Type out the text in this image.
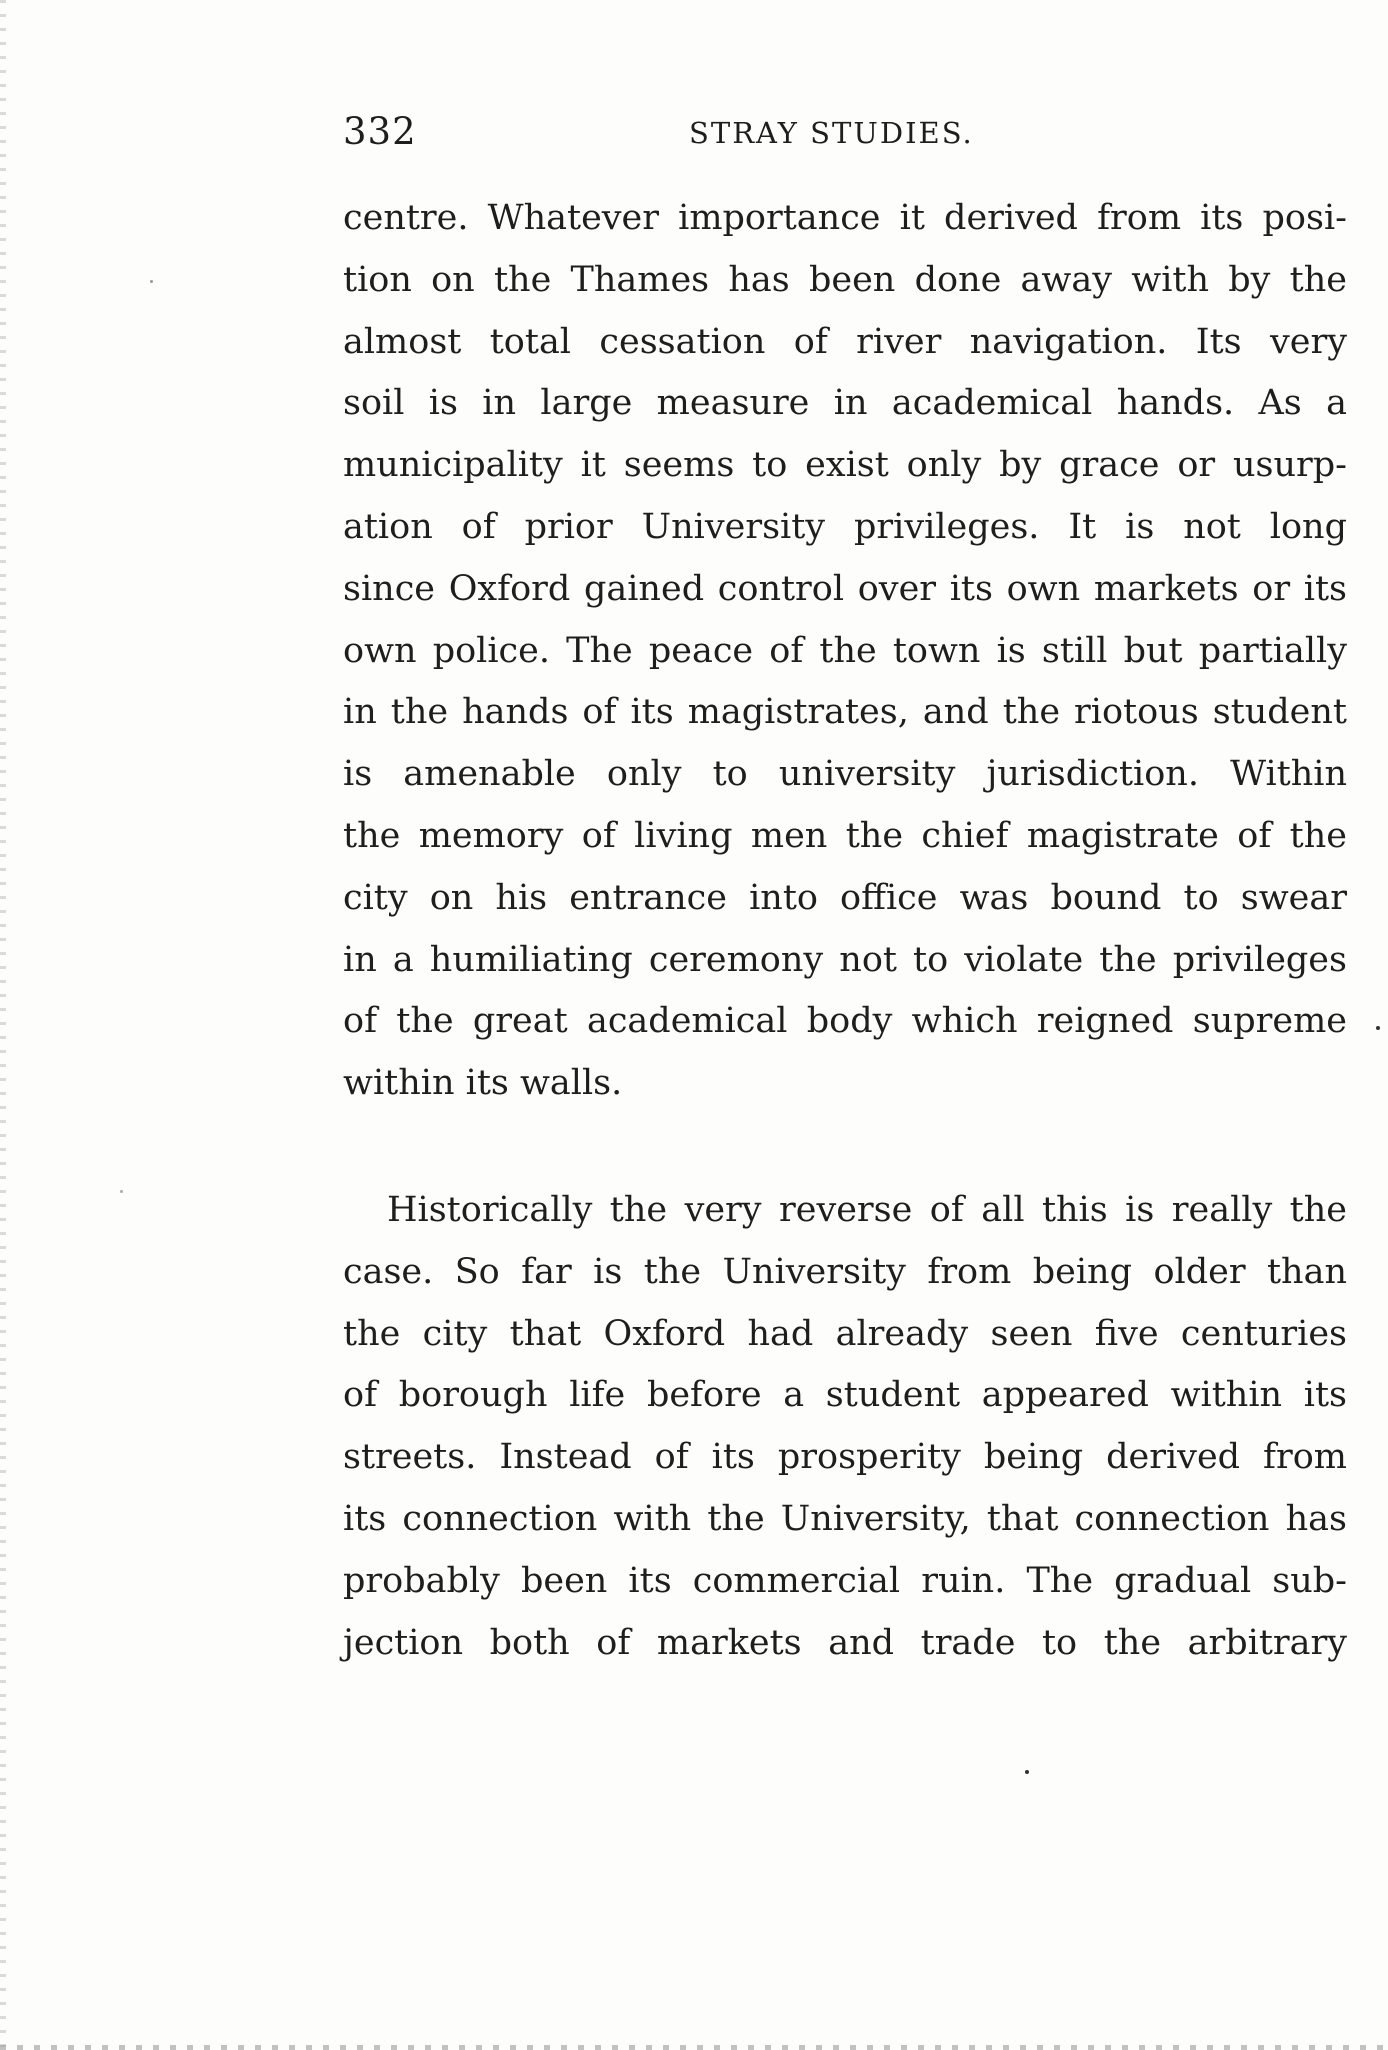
332	STRAY STUDIES.

centre. Whatever importance it derived from its posi-
tion on the Thames has been done away with by the
almost total cessation of river navigation. Its very
soil is in large measure in academical hands. As a
municipality it seems to exist only by grace or usurp-
ation of prior University privileges. It is not long
since Oxford gained control over its own markets or its
own police. The peace of the town is still but partially
in the hands of its magistrates, and the riotous student
is amenable only to university jurisdiction. Within
the memory of living men the chief magistrate of the
city on his entrance into office was bound to swear
in a humiliating ceremony not to violate the privileges
of the great academical body which reigned supreme
within its walls.

Historically the very reverse of all this is really the
case. So far is the University from being older than
the city that Oxford had already seen five centuries
of borough life before a student appeared within its
streets. Instead of its prosperity being derived from
its connection with the University, that connection has
probably been its commercial ruin. The gradual sub-
jection both of markets and trade to the arbitrary
